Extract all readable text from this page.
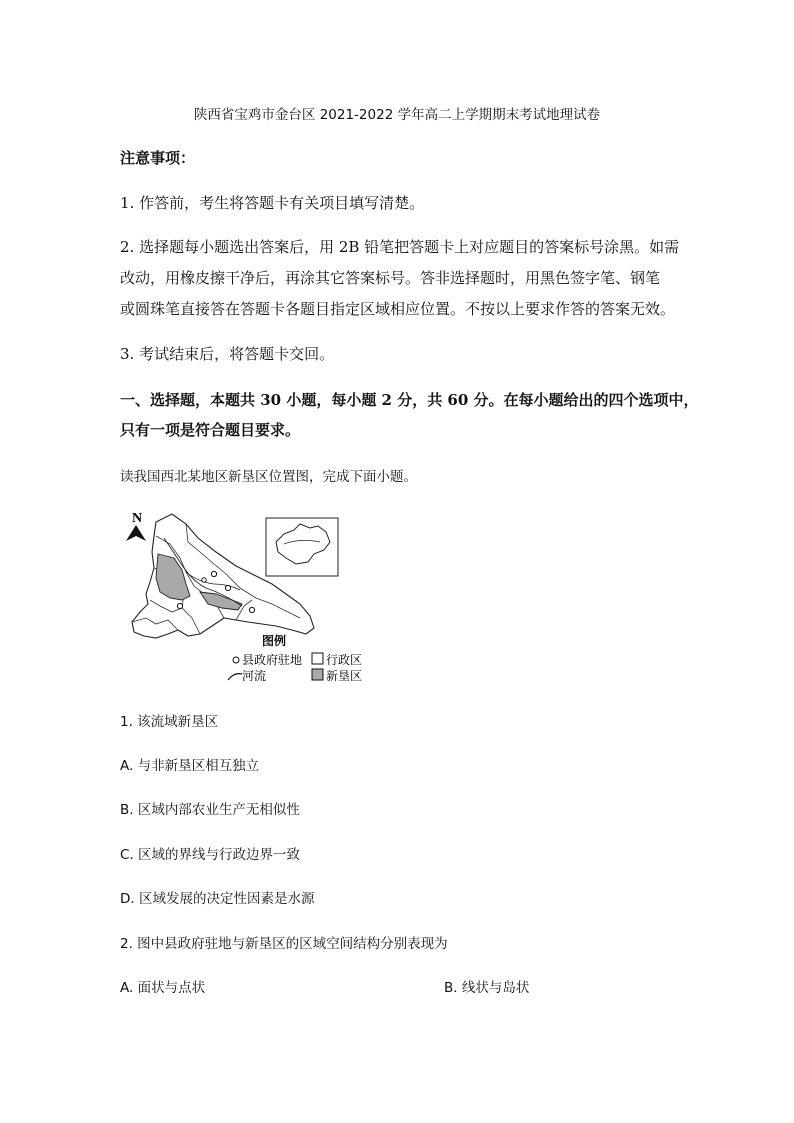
陕西省宝鸡市金台区 2021-2022 学年高二上学期期末考试地理试卷
注意事项：
1. 作答前，考生将答题卡有关项目填写清楚。
2. 选择题每小题选出答案后，用 2B 铅笔把答题卡上对应题目的答案标号涂黑。如需
改动，用橡皮擦干净后，再涂其它答案标号。答非选择题时，用黑色签字笔、钢笔
或圆珠笔直接答在答题卡各题目指定区域相应位置。不按以上要求作答的答案无效。
3. 考试结束后，将答题卡交回。
一、选择题，本题共 30 小题，每小题 2 分，共 60 分。在每小题给出的四个选项中，
只有一项是符合题目要求。
读我国西北某地区新垦区位置图，完成下面小题。
N
图例
县政府驻地 行政区
河流	新垦区
1. 该流域新垦区
A. 与非新垦区相互独立
B. 区域内部农业生产无相似性
C. 区域的界线与行政边界一致
D. 区域发展的决定性因素是水源
2. 图中县政府驻地与新垦区的区域空间结构分别表现为
A. 面状与点状	B. 线状与岛状
